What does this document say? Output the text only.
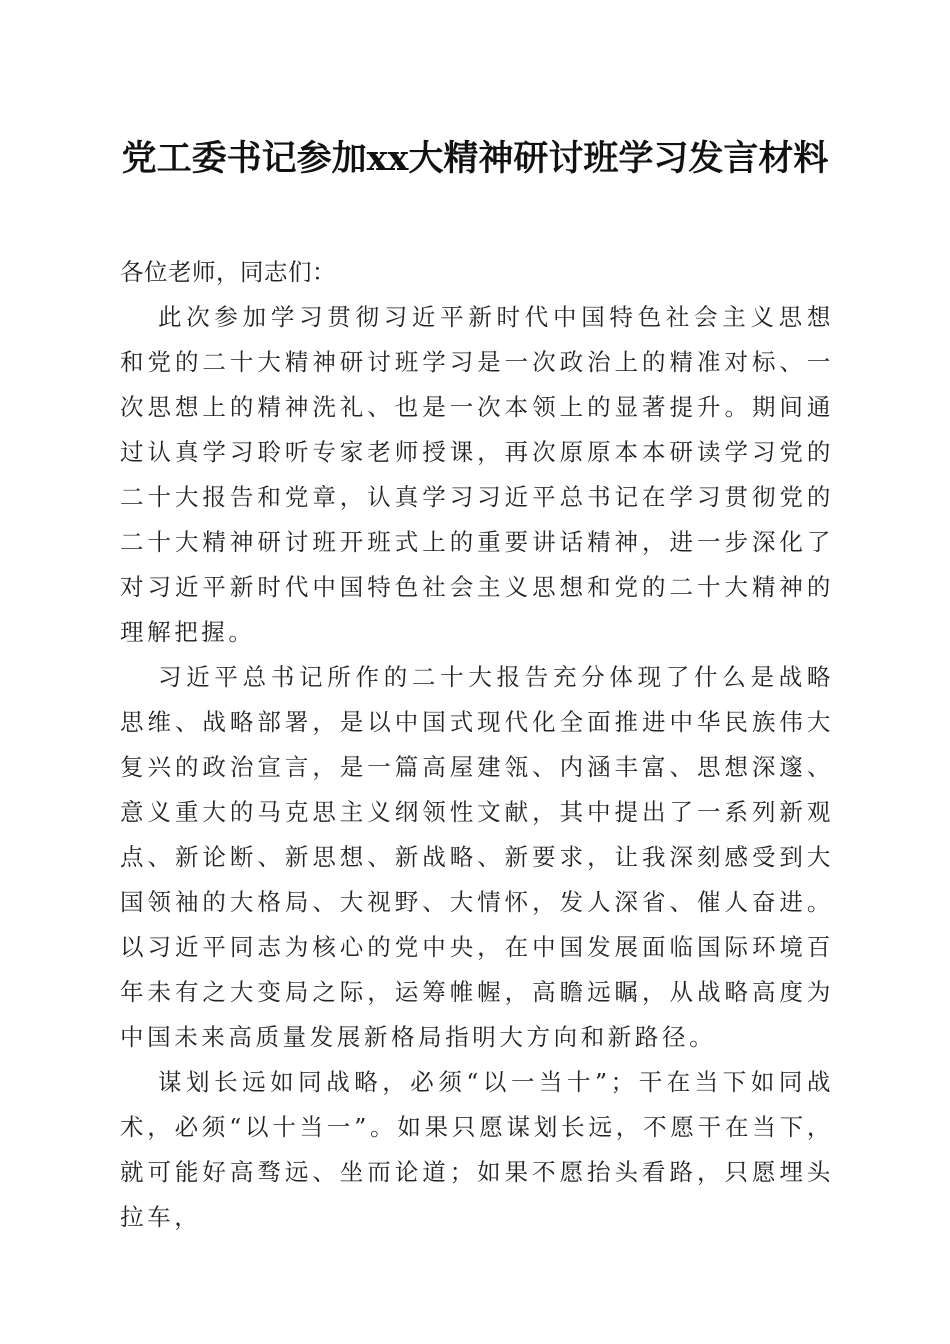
党工委书记参加xx大精神研讨班学习发言材料

各位老师，同志们：

此次参加学习贯彻习近平新时代中国特色社会主义思想和党的二十大精神研讨班学习是一次政治上的精准对标、一次思想上的精神洗礼、也是一次本领上的显著提升。期间通过认真学习聆听专家老师授课，再次原原本本研读学习党的二十大报告和党章，认真学习习近平总书记在学习贯彻党的二十大精神研讨班开班式上的重要讲话精神，进一步深化了对习近平新时代中国特色社会主义思想和党的二十大精神的理解把握。

习近平总书记所作的二十大报告充分体现了什么是战略思维、战略部署，是以中国式现代化全面推进中华民族伟大复兴的政治宣言，是一篇高屋建瓴、内涵丰富、思想深邃、意义重大的马克思主义纲领性文献，其中提出了一系列新观点、新论断、新思想、新战略、新要求，让我深刻感受到大国领袖的大格局、大视野、大情怀，发人深省、催人奋进。以习近平同志为核心的党中央，在中国发展面临国际环境百年未有之大变局之际，运筹帷幄，高瞻远瞩，从战略高度为中国未来高质量发展新格局指明大方向和新路径。

谋划长远如同战略，必须“以一当十”；干在当下如同战术，必须“以十当一”。如果只愿谋划长远，不愿干在当下，就可能好高骛远、坐而论道；如果不愿抬头看路，只愿埋头拉车，
